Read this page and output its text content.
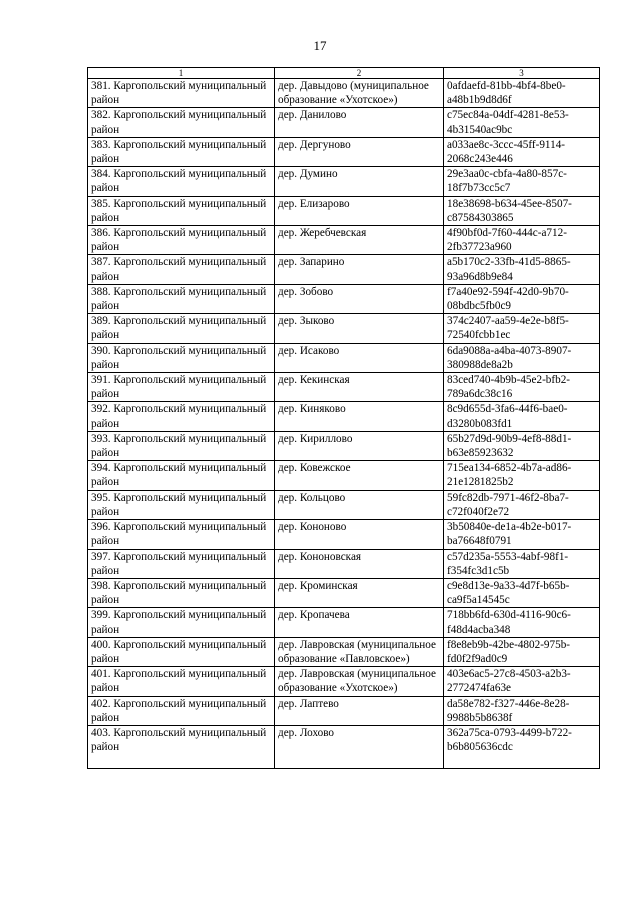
17
1	2	3
381. Каргопольский муниципальный район	дер. Давыдово (муниципальное образование «Ухотское»)	0afdaefd-81bb-4bf4-8be0-a48b1b9d8d6f
382. Каргопольский муниципальный район	дер. Данилово	c75ec84a-04df-4281-8e53-4b31540ac9bc
383. Каргопольский муниципальный район	дер. Дергуново	a033ae8c-3ccc-45ff-9114-2068c243e446
384. Каргопольский муниципальный район	дер. Думино	29e3aa0c-cbfa-4a80-857c-18f7b73cc5c7
385. Каргопольский муниципальный район	дер. Елизарово	18e38698-b634-45ee-8507-c87584303865
386. Каргопольский муниципальный район	дер. Жеребчевская	4f90bf0d-7f60-444c-a712-2fb37723a960
387. Каргопольский муниципальный район	дер. Запарино	a5b170c2-33fb-41d5-8865-93a96d8b9e84
388. Каргопольский муниципальный район	дер. Зобово	f7a40e92-594f-42d0-9b70-08bdbc5fb0c9
389. Каргопольский муниципальный район	дер. Зыково	374c2407-aa59-4e2e-b8f5-72540fcbb1ec
390. Каргопольский муниципальный район	дер. Исаково	6da9088a-a4ba-4073-8907-380988de8a2b
391. Каргопольский муниципальный район	дер. Кекинская	83ced740-4b9b-45e2-bfb2-789a6dc38c16
392. Каргопольский муниципальный район	дер. Киняково	8c9d655d-3fa6-44f6-bae0-d3280b083fd1
393. Каргопольский муниципальный район	дер. Кириллово	65b27d9d-90b9-4ef8-88d1-b63e85923632
394. Каргопольский муниципальный район	дер. Ковежское	715ea134-6852-4b7a-ad86-21e1281825b2
395. Каргопольский муниципальный район	дер. Кольцово	59fc82db-7971-46f2-8ba7-c72f040f2e72
396. Каргопольский муниципальный район	дер. Кононово	3b50840e-de1a-4b2e-b017-ba76648f0791
397. Каргопольский муниципальный район	дер. Кононовская	c57d235a-5553-4abf-98f1-f354fc3d1c5b
398. Каргопольский муниципальный район	дер. Кроминская	c9e8d13e-9a33-4d7f-b65b-ca9f5a14545c
399. Каргопольский муниципальный район	дер. Кропачева	718bb6fd-630d-4116-90c6-f48d4acba348
400. Каргопольский муниципальный район	дер. Лавровская (муниципальное образование «Павловское»)	f8e8eb9b-42be-4802-975b-fd0f2f9ad0c9
401. Каргопольский муниципальный район	дер. Лавровская (муниципальное образование «Ухотское»)	403e6ac5-27c8-4503-a2b3-2772474fa63e
402. Каргопольский муниципальный район	дер. Лаптево	da58e782-f327-446e-8e28-9988b5b8638f
403. Каргопольский муниципальный район	дер. Лохово	362a75ca-0793-4499-b722-b6b805636cdc
